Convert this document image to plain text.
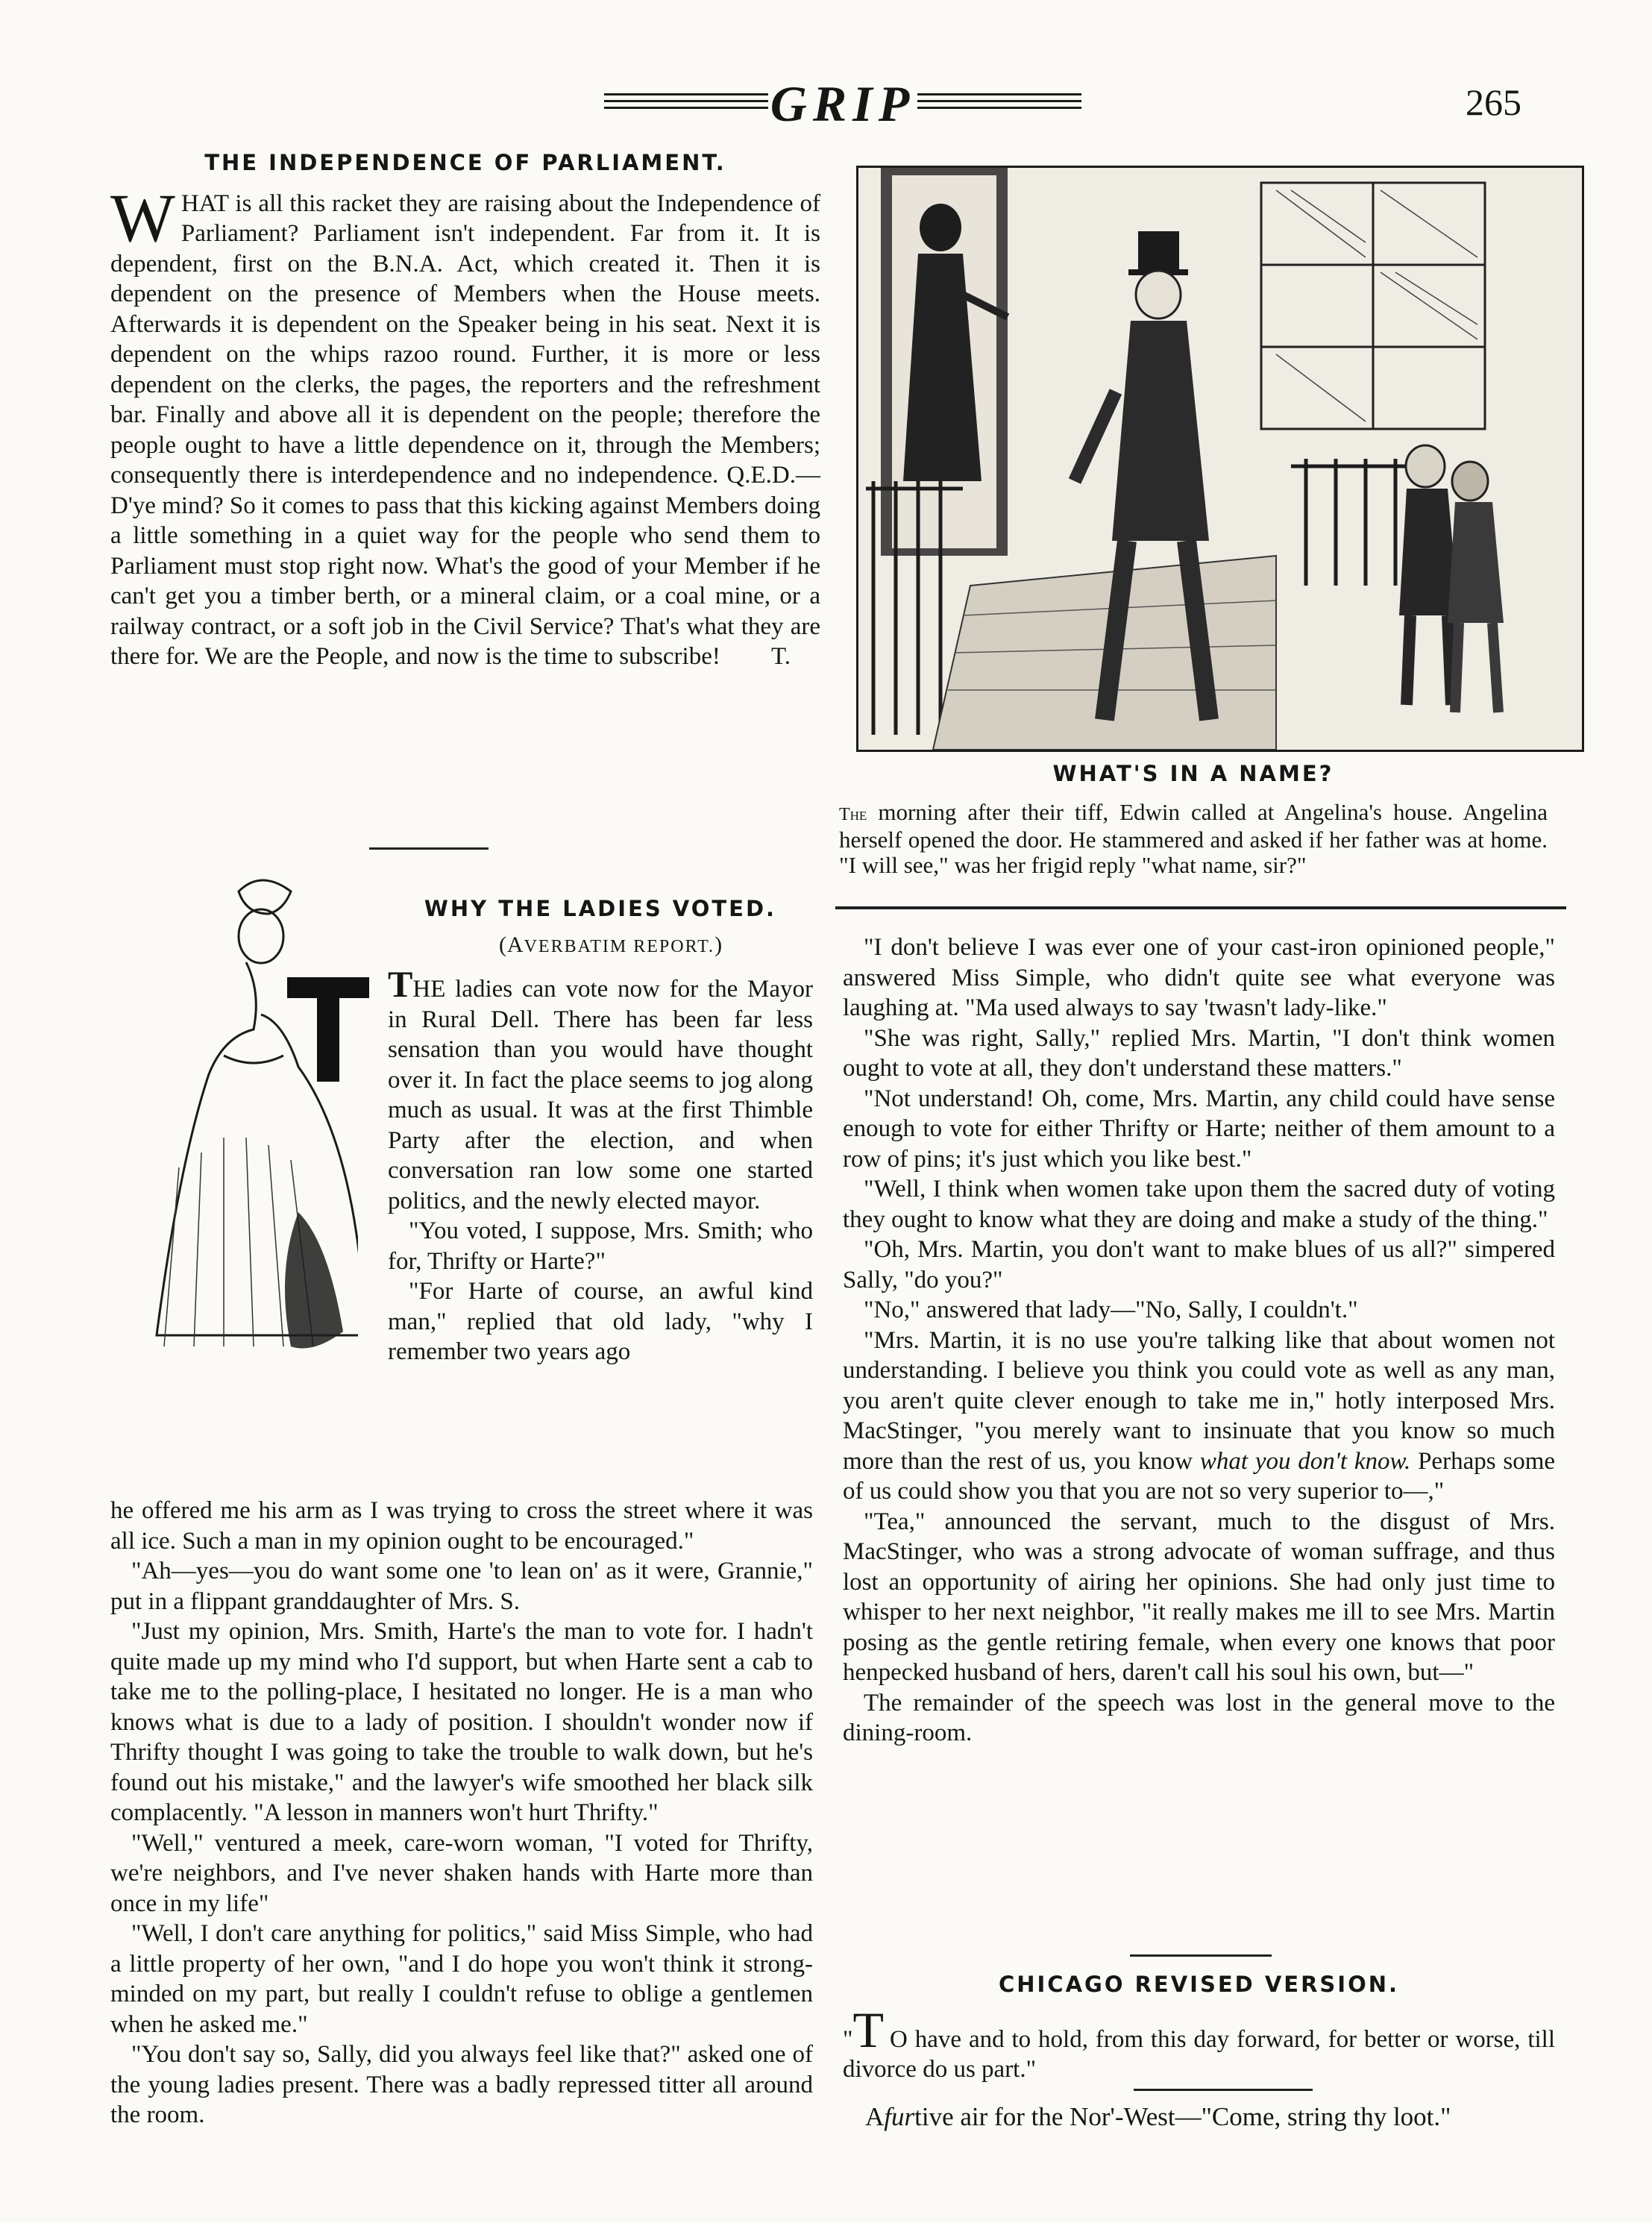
GRIP	265
THE INDEPENDENCE OF PARLIAMENT.

WHAT is all this racket they are raising about the Independence of Parliament? Parliament isn't independent. Far from it. It is dependent, first on the B.N.A. Act, which created it. Then it is dependent on the presence of Members when the House meets. Afterwards it is dependent on the Speaker being in his seat. Next it is dependent on the whips razoo round. Further, it is more or less dependent on the clerks, the pages, the reporters and the refreshment bar. Finally and above all it is dependent on the people; therefore the people ought to have a little dependence on it, through the Members; consequently there is interdependence and no independence. Q.E.D.—D'ye mind? So it comes to pass that this kicking against Members doing a little something in a quiet way for the people who send them to Parliament must stop right now. What's the good of your Member if he can't get you a timber berth, or a mineral claim, or a coal mine, or a railway contract, or a soft job in the Civil Service? That's what they are there for. We are the People, and now is the time to subscribe! T.

WHAT'S IN A NAME?
The morning after their tiff, Edwin called at Angelina's house. Angelina herself opened the door. He stammered and asked if her father was at home. "I will see," was her frigid reply "what name, sir?"
WHY THE LADIES VOTED.

(AVERBATIM REPORT.)

THE ladies can vote now for the Mayor in Rural Dell. There has been far less sensation than you would have thought over it. In fact the place seems to jog along much as usual. It was at the first Thimble Party after the election, and when conversation ran low some one started politics, and the newly elected mayor.

"You voted, I suppose, Mrs. Smith; who for, Thrifty or Harte?"

"For Harte of course, an awful kind man," replied that old lady, "why I remember two years ago

he offered me his arm as I was trying to cross the street where it was all ice. Such a man in my opinion ought to be encouraged."

"Ah—yes—you do want some one 'to lean on' as it were, Grannie," put in a flippant granddaughter of Mrs. S.

"Just my opinion, Mrs. Smith, Harte's the man to vote for. I hadn't quite made up my mind who I'd support, but when Harte sent a cab to take me to the polling-place, I hesitated no longer. He is a man who knows what is due to a lady of position. I shouldn't wonder now if Thrifty thought I was going to take the trouble to walk down, but he's found out his mistake," and the lawyer's wife smoothed her black silk complacently. "A lesson in manners won't hurt Thrifty."

"Well," ventured a meek, care-worn woman, "I voted for Thrifty, we're neighbors, and I've never shaken hands with Harte more than once in my life"

"Well, I don't care anything for politics," said Miss Simple, who had a little property of her own, "and I do hope you won't think it strong-minded on my part, but really I couldn't refuse to oblige a gentlemen when he asked me."

"You don't say so, Sally, did you always feel like that?" asked one of the young ladies present. There was a badly repressed titter all around the room.

"I don't believe I was ever one of your cast-iron opinioned people," answered Miss Simple, who didn't quite see what everyone was laughing at. "Ma used always to say 'twasn't lady-like."

"She was right, Sally," replied Mrs. Martin, "I don't think women ought to vote at all, they don't understand these matters."

"Not understand! Oh, come, Mrs. Martin, any child could have sense enough to vote for either Thrifty or Harte; neither of them amount to a row of pins; it's just which you like best."

"Well, I think when women take upon them the sacred duty of voting they ought to know what they are doing and make a study of the thing."

"Oh, Mrs. Martin, you don't want to make blues of us all?" simpered Sally, "do you?"

"No," answered that lady—"No, Sally, I couldn't."

"Mrs. Martin, it is no use you're talking like that about women not understanding. I believe you think you could vote as well as any man, you aren't quite clever enough to take me in," hotly interposed Mrs. MacStinger, "you merely want to insinuate that you know so much more than the rest of us, you know what you don't know. Perhaps some of us could show you that you are not so very superior to—,"

"Tea," announced the servant, much to the disgust of Mrs. MacStinger, who was a strong advocate of woman suffrage, and thus lost an opportunity of airing her opinions. She had only just time to whisper to her next neighbor, "it really makes me ill to see Mrs. Martin posing as the gentle retiring female, when every one knows that poor henpecked husband of hers, daren't call his soul his own, but—"

The remainder of the speech was lost in the general move to the dining-room.

CHICAGO REVISED VERSION.

"T O have and to hold, from this day forward, for better or worse, till divorce do us part."

Afurtive air for the Nor'-West—"Come, string thy loot."
